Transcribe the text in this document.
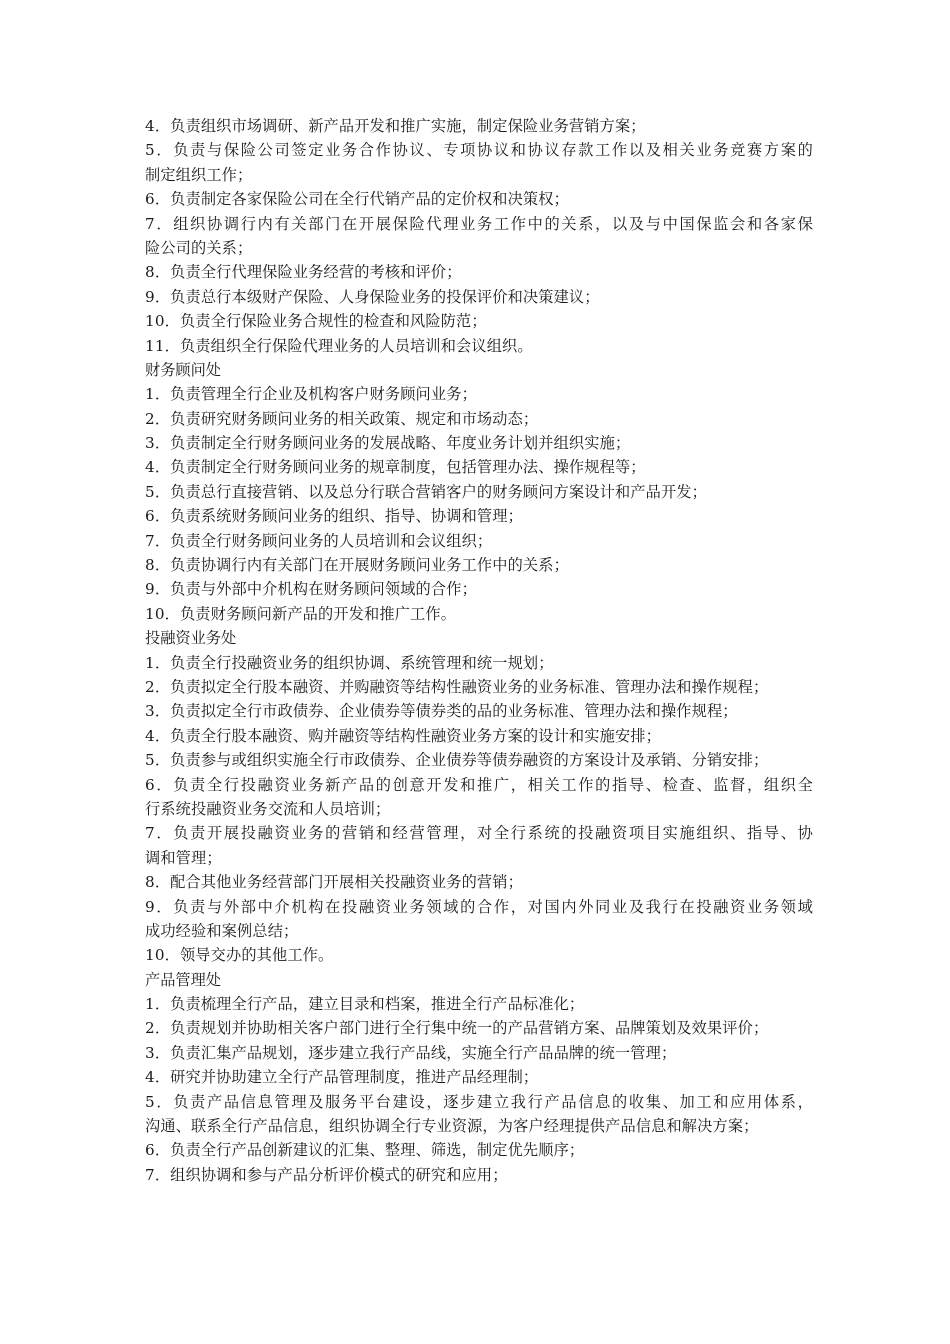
4．负责组织市场调研、新产品开发和推广实施，制定保险业务营销方案；
5．负责与保险公司签定业务合作协议、专项协议和协议存款工作以及相关业务竞赛方案的
制定组织工作；
6．负责制定各家保险公司在全行代销产品的定价权和决策权；
7．组织协调行内有关部门在开展保险代理业务工作中的关系，以及与中国保监会和各家保
险公司的关系；
8．负责全行代理保险业务经营的考核和评价；
9．负责总行本级财产保险、人身保险业务的投保评价和决策建议；
10．负责全行保险业务合规性的检查和风险防范；
11．负责组织全行保险代理业务的人员培训和会议组织。
财务顾问处
1．负责管理全行企业及机构客户财务顾问业务；
2．负责研究财务顾问业务的相关政策、规定和市场动态；
3．负责制定全行财务顾问业务的发展战略、年度业务计划并组织实施；
4．负责制定全行财务顾问业务的规章制度，包括管理办法、操作规程等；
5．负责总行直接营销、以及总分行联合营销客户的财务顾问方案设计和产品开发；
6．负责系统财务顾问业务的组织、指导、协调和管理；
7．负责全行财务顾问业务的人员培训和会议组织；
8．负责协调行内有关部门在开展财务顾问业务工作中的关系；
9．负责与外部中介机构在财务顾问领域的合作；
10．负责财务顾问新产品的开发和推广工作。
投融资业务处
1．负责全行投融资业务的组织协调、系统管理和统一规划；
2．负责拟定全行股本融资、并购融资等结构性融资业务的业务标准、管理办法和操作规程；
3．负责拟定全行市政债券、企业债券等债券类的品的业务标准、管理办法和操作规程；
4．负责全行股本融资、购并融资等结构性融资业务方案的设计和实施安排；
5．负责参与或组织实施全行市政债券、企业债券等债券融资的方案设计及承销、分销安排；
6．负责全行投融资业务新产品的创意开发和推广，相关工作的指导、检查、监督，组织全
行系统投融资业务交流和人员培训；
7．负责开展投融资业务的营销和经营管理，对全行系统的投融资项目实施组织、指导、协
调和管理；
8．配合其他业务经营部门开展相关投融资业务的营销；
9．负责与外部中介机构在投融资业务领域的合作，对国内外同业及我行在投融资业务领域
成功经验和案例总结；
10．领导交办的其他工作。
产品管理处
1．负责梳理全行产品，建立目录和档案，推进全行产品标准化；
2．负责规划并协助相关客户部门进行全行集中统一的产品营销方案、品牌策划及效果评价；
3．负责汇集产品规划，逐步建立我行产品线，实施全行产品品牌的统一管理；
4．研究并协助建立全行产品管理制度，推进产品经理制；
5．负责产品信息管理及服务平台建设，逐步建立我行产品信息的收集、加工和应用体系，
沟通、联系全行产品信息，组织协调全行专业资源，为客户经理提供产品信息和解决方案；
6．负责全行产品创新建议的汇集、整理、筛选，制定优先顺序；
7．组织协调和参与产品分析评价模式的研究和应用；
